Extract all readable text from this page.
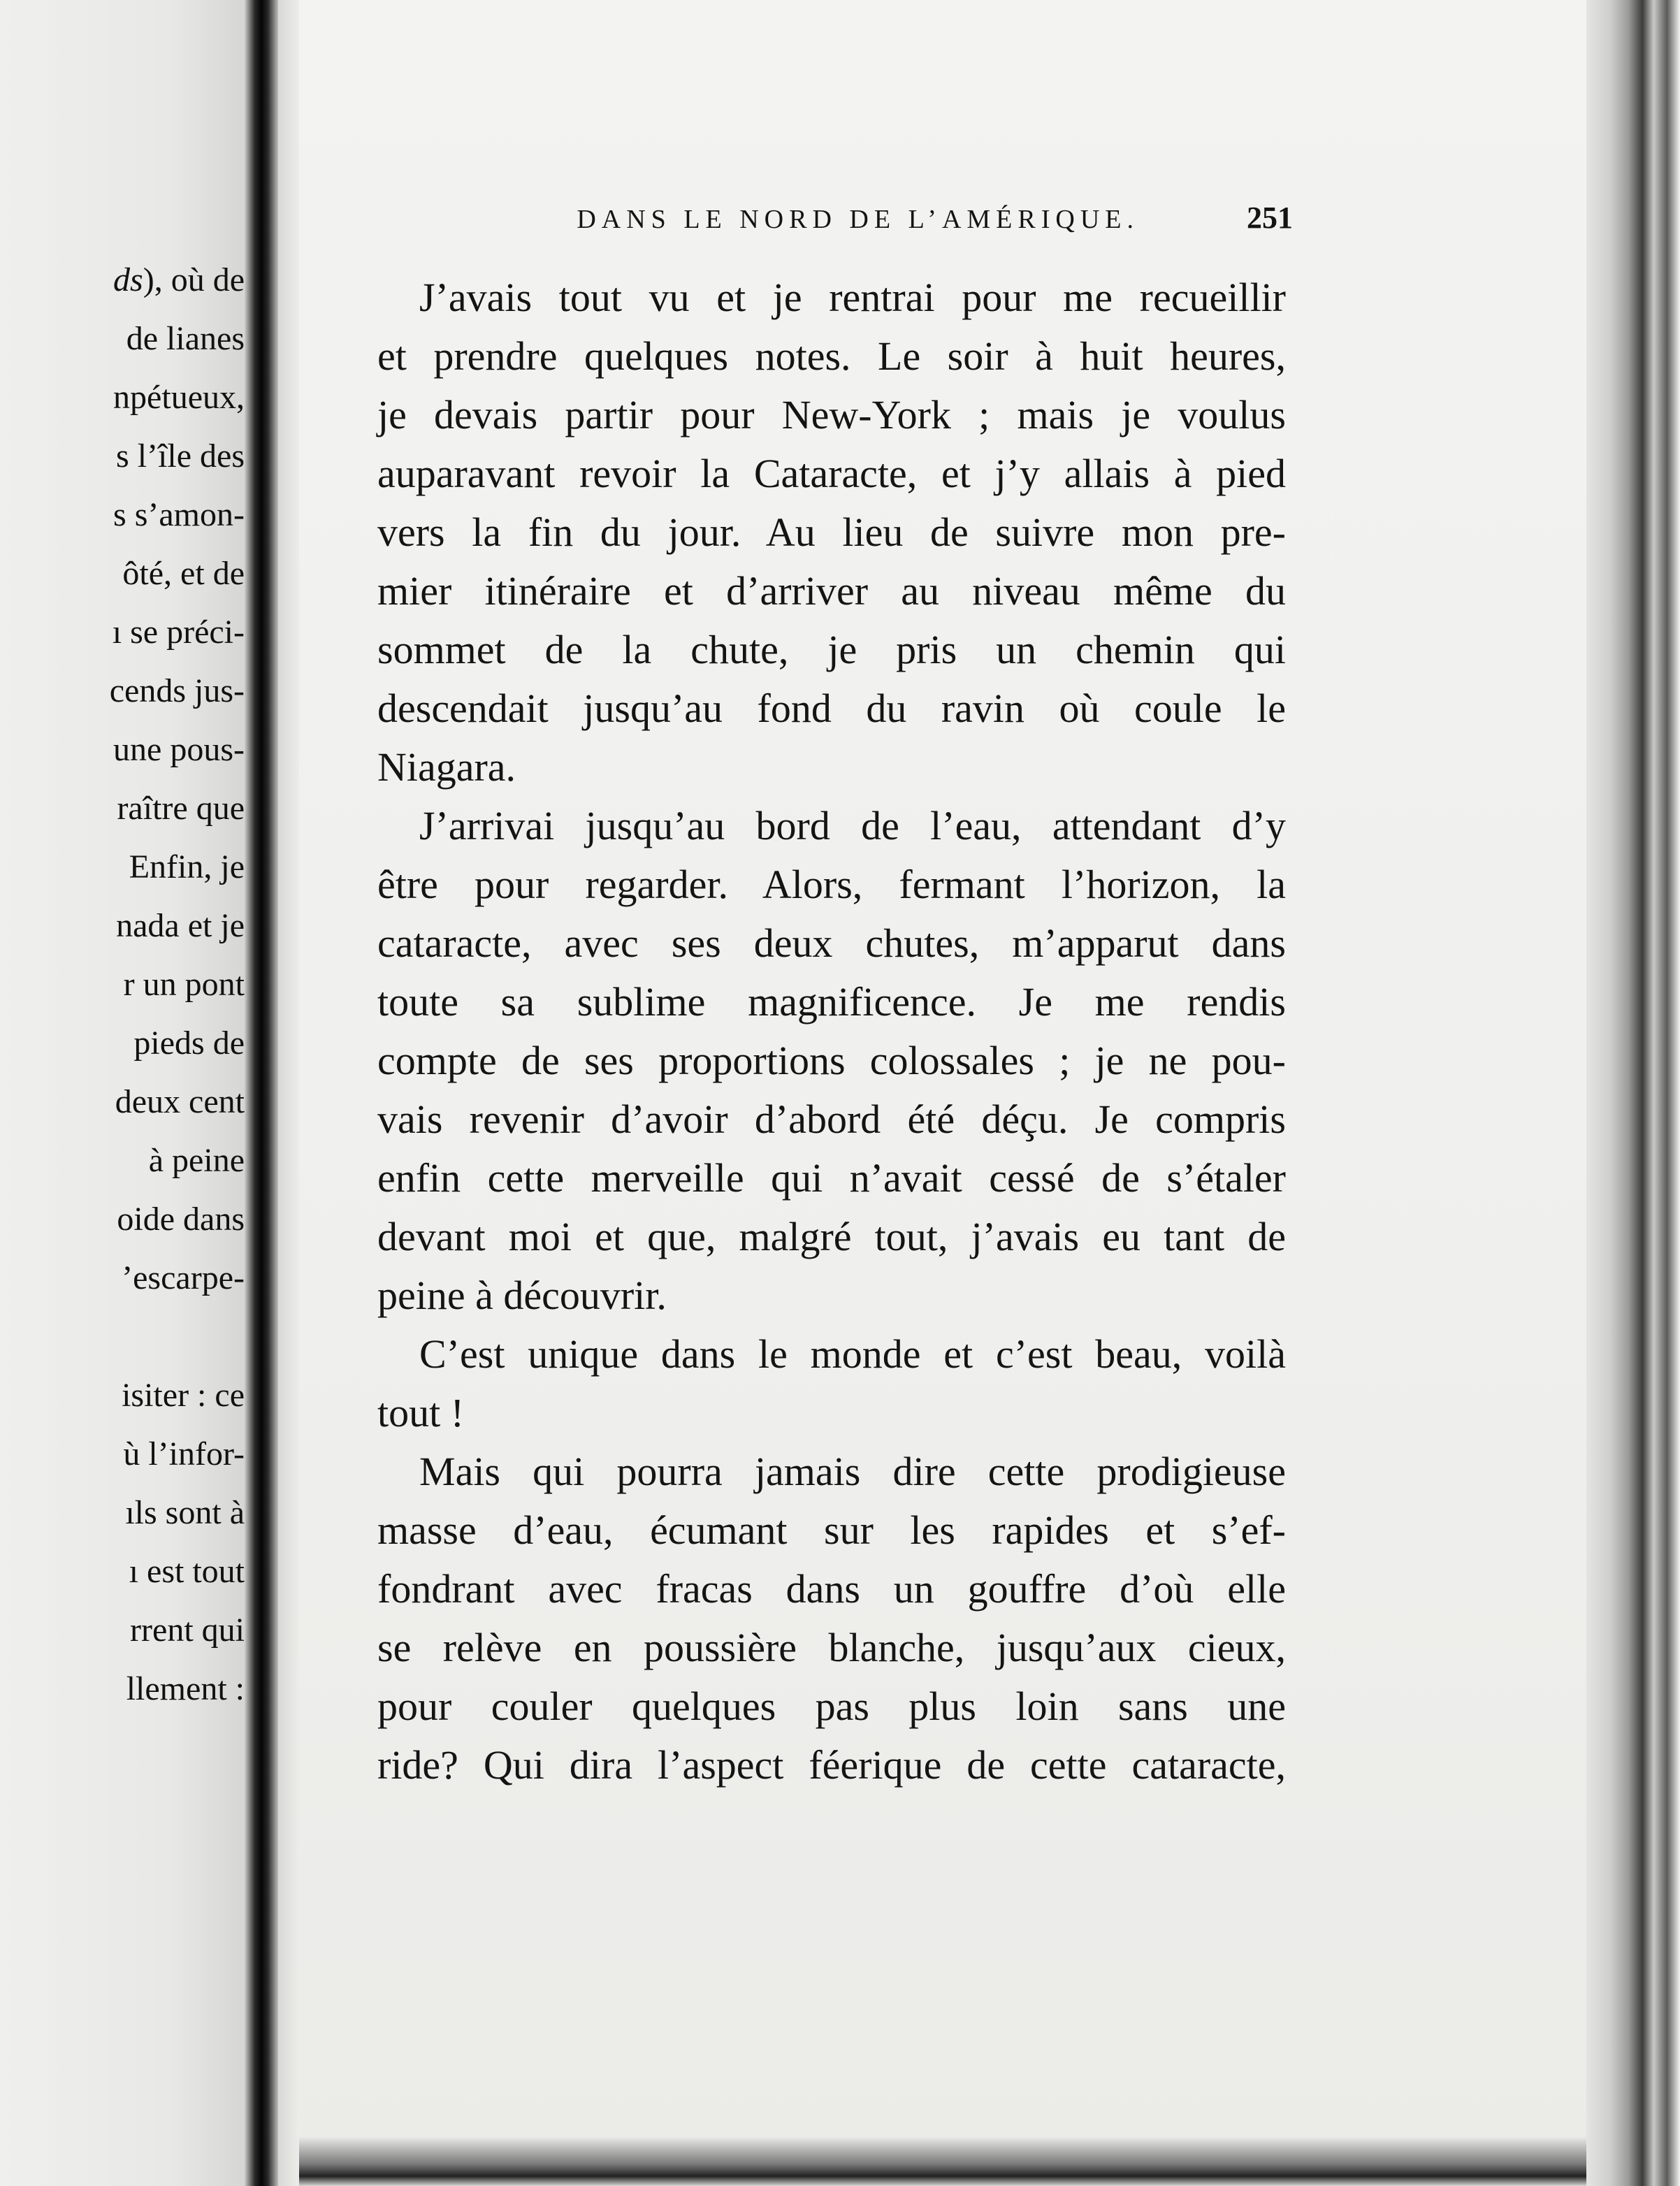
ds), où de
de lianes
npétueux,
s l’île des
s s’amon-
ôté, et de
ı se préci-
cends jus-
une pous-
raître que
Enfin, je
nada et je
r un pont
pieds de
deux cent
à peine
oide dans
’escarpe-
isiter : ce
ù l’infor-
ıls sont à
ı est tout
rrent qui
llement :
DANS LE NORD DE L’AMÉRIQUE.	251
J’avais tout vu et je rentrai pour me recueillir
et prendre quelques notes. Le soir à huit heures,
je devais partir pour New-York ; mais je voulus
auparavant revoir la Cataracte, et j’y allais à pied
vers la fin du jour. Au lieu de suivre mon pre-
mier itinéraire et d’arriver au niveau même du
sommet de la chute, je pris un chemin qui
descendait jusqu’au fond du ravin où coule le
Niagara.
J’arrivai jusqu’au bord de l’eau, attendant d’y
être pour regarder. Alors, fermant l’horizon, la
cataracte, avec ses deux chutes, m’apparut dans
toute sa sublime magnificence. Je me rendis
compte de ses proportions colossales ; je ne pou-
vais revenir d’avoir d’abord été déçu. Je compris
enfin cette merveille qui n’avait cessé de s’étaler
devant moi et que, malgré tout, j’avais eu tant de
peine à découvrir.
C’est unique dans le monde et c’est beau, voilà
tout !
Mais qui pourra jamais dire cette prodigieuse
masse d’eau, écumant sur les rapides et s’ef-
fondrant avec fracas dans un gouffre d’où elle
se relève en poussière blanche, jusqu’aux cieux,
pour couler quelques pas plus loin sans une
ride? Qui dira l’aspect féerique de cette cataracte,
